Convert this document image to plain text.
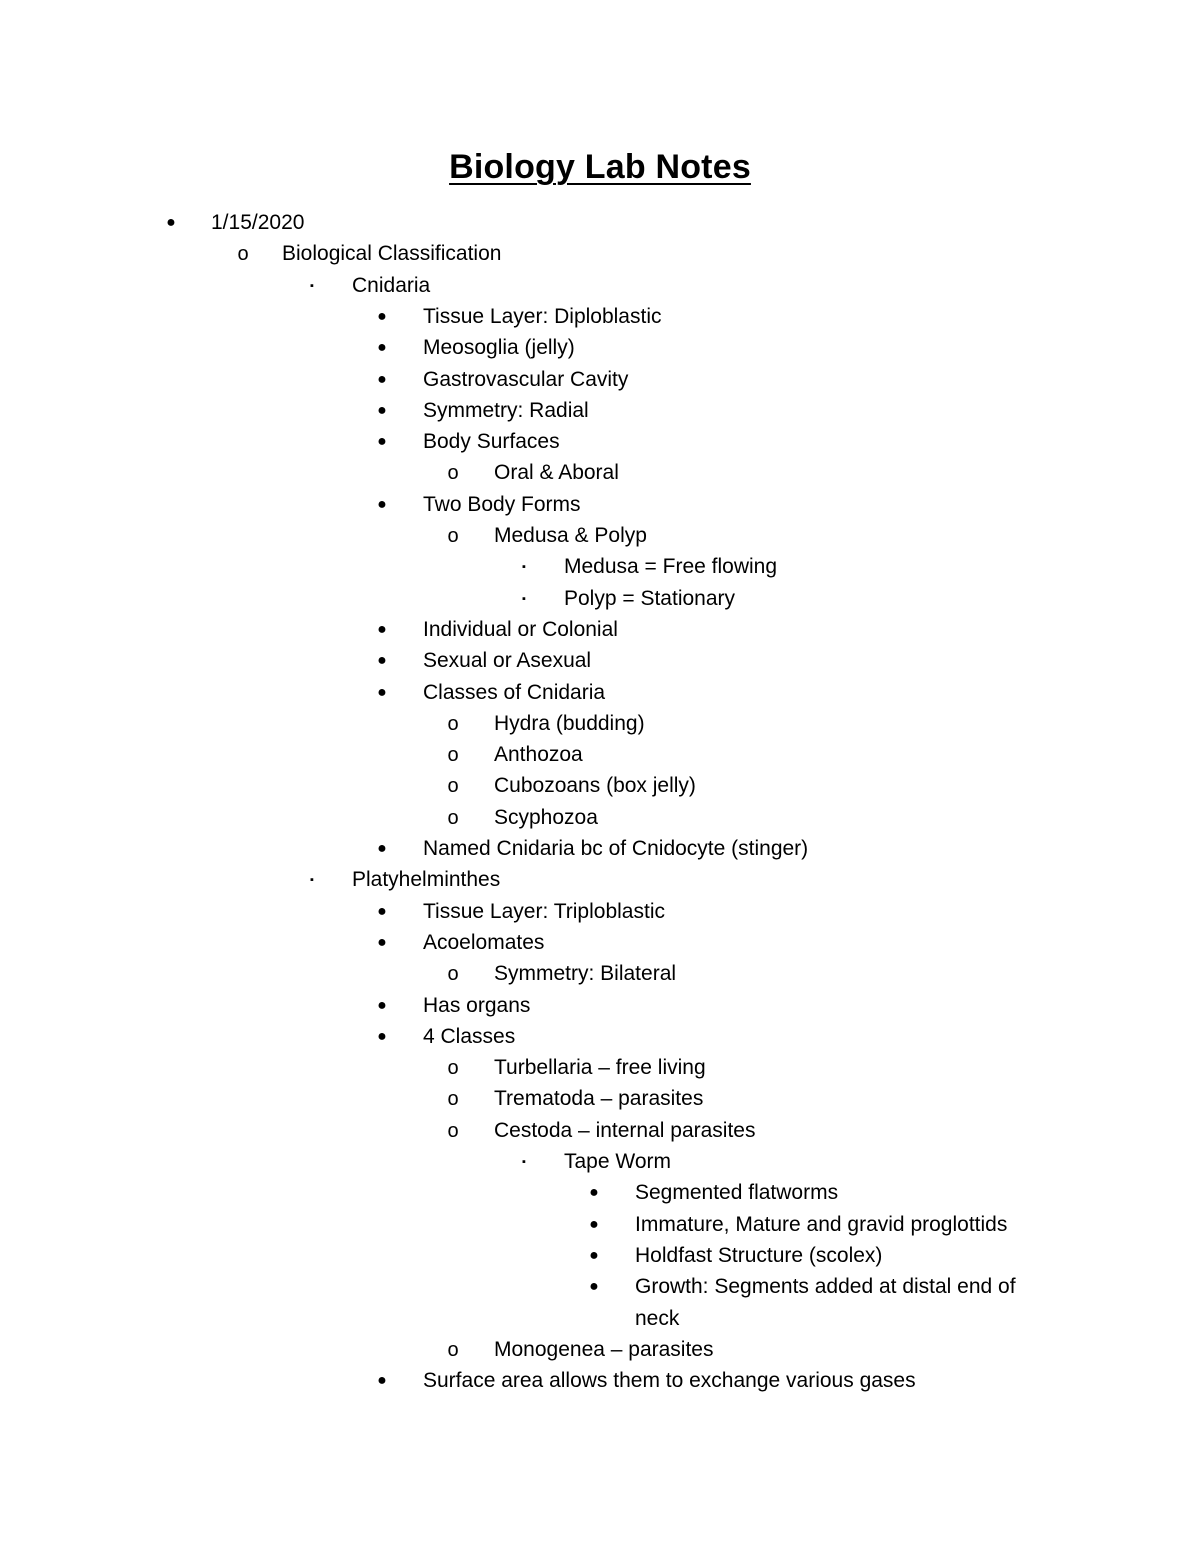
Biology Lab Notes
● 1/15/2020
o Biological Classification
▪	Cnidaria
● Tissue Layer: Diploblastic
● Meosoglia (jelly)
● Gastrovascular Cavity
● Symmetry: Radial
● Body Surfaces
o Oral & Aboral
● Two Body Forms
o Medusa & Polyp
▪	Medusa = Free flowing
▪	Polyp = Stationary
● Individual or Colonial
● Sexual or Asexual
● Classes of Cnidaria
o Hydra (budding)
o Anthozoa
o Cubozoans (box jelly)
o Scyphozoa
● Named Cnidaria bc of Cnidocyte (stinger)
▪	Platyhelminthes
● Tissue Layer: Triploblastic
● Acoelomates
o Symmetry: Bilateral
● Has organs
● 4 Classes
o Turbellaria – free living
o Trematoda – parasites
o Cestoda – internal parasites
▪	Tape Worm
● Segmented flatworms
● Immature, Mature and gravid proglottids
● Holdfast Structure (scolex)
● Growth: Segments added at distal end of
neck
o Monogenea – parasites
● Surface area allows them to exchange various gases
